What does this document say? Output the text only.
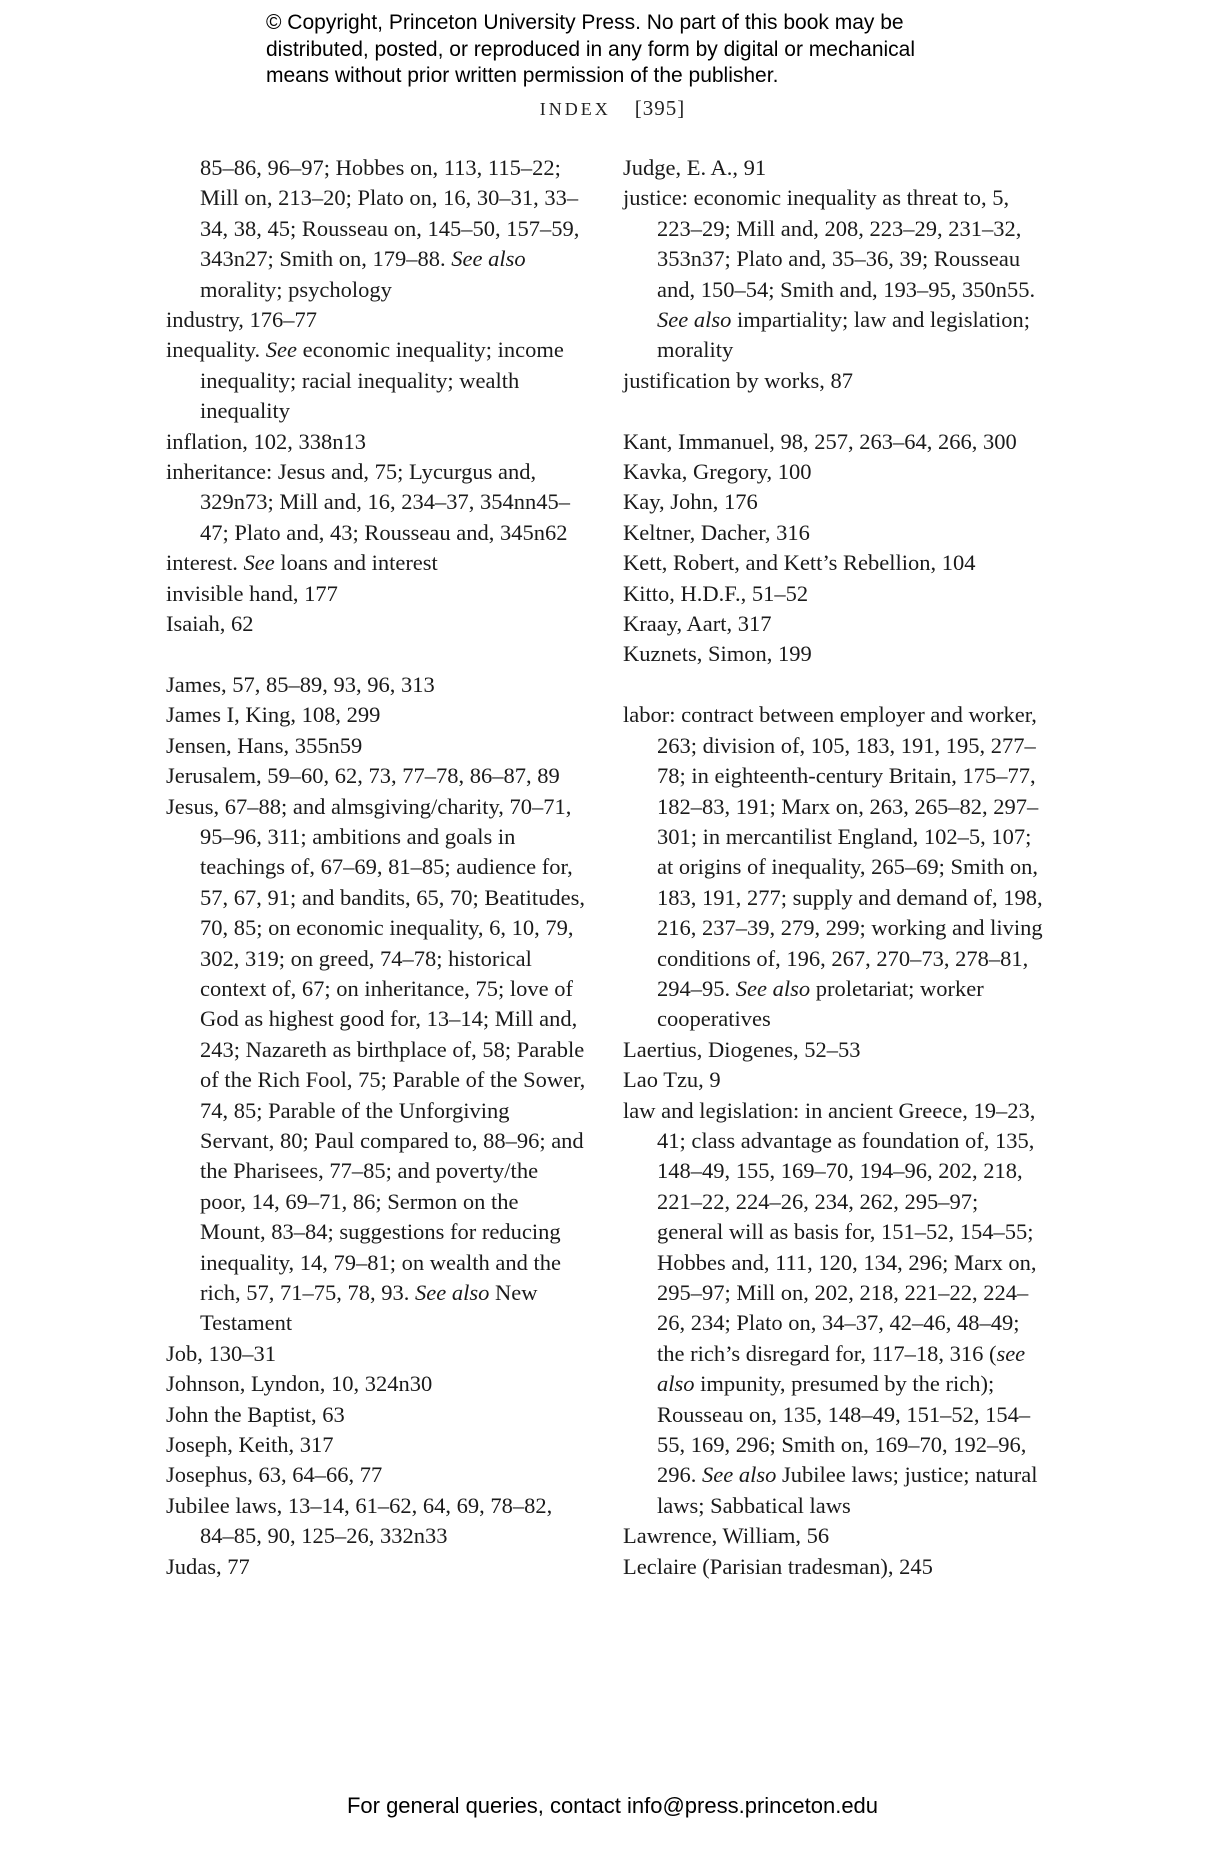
© Copyright, Princeton University Press. No part of this book may be
distributed, posted, or reproduced in any form by digital or mechanical
means without prior written permission of the publisher.
INDEX [395]

85–86, 96–97; Hobbes on, 113, 115–22; Mill on, 213–20; Plato on, 16, 30–31, 33–34, 38, 45; Rousseau on, 145–50, 157–59, 343n27; Smith on, 179–88. See also morality; psychology

industry, 176–77

inequality. See economic inequality; income inequality; racial inequality; wealth inequality

inflation, 102, 338n13

inheritance: Jesus and, 75; Lycurgus and, 329n73; Mill and, 16, 234–37, 354nn45–47; Plato and, 43; Rousseau and, 345n62

interest. See loans and interest

invisible hand, 177

Isaiah, 62

James, 57, 85–89, 93, 96, 313

James I, King, 108, 299

Jensen, Hans, 355n59

Jerusalem, 59–60, 62, 73, 77–78, 86–87, 89

Jesus, 67–88; and almsgiving/charity, 70–71, 95–96, 311; ambitions and goals in teachings of, 67–69, 81–85; audience for, 57, 67, 91; and bandits, 65, 70; Beatitudes, 70, 85; on economic inequality, 6, 10, 79, 302, 319; on greed, 74–78; historical context of, 67; on inheritance, 75; love of God as highest good for, 13–14; Mill and, 243; Nazareth as birthplace of, 58; Parable of the Rich Fool, 75; Parable of the Sower, 74, 85; Parable of the Unforgiving Servant, 80; Paul compared to, 88–96; and the Pharisees, 77–85; and poverty/the poor, 14, 69–71, 86; Sermon on the Mount, 83–84; suggestions for reducing inequality, 14, 79–81; on wealth and the rich, 57, 71–75, 78, 93. See also New Testament

Job, 130–31

Johnson, Lyndon, 10, 324n30

John the Baptist, 63

Joseph, Keith, 317

Josephus, 63, 64–66, 77

Jubilee laws, 13–14, 61–62, 64, 69, 78–82, 84–85, 90, 125–26, 332n33

Judas, 77

Judge, E. A., 91

justice: economic inequality as threat to, 5, 223–29; Mill and, 208, 223–29, 231–32, 353n37; Plato and, 35–36, 39; Rousseau and, 150–54; Smith and, 193–95, 350n55. See also impartiality; law and legislation; morality

justification by works, 87

Kant, Immanuel, 98, 257, 263–64, 266, 300

Kavka, Gregory, 100

Kay, John, 176

Keltner, Dacher, 316

Kett, Robert, and Kett’s Rebellion, 104

Kitto, H.D.F., 51–52

Kraay, Aart, 317

Kuznets, Simon, 199

labor: contract between employer and worker, 263; division of, 105, 183, 191, 195, 277–78; in eighteenth-century Britain, 175–77, 182–83, 191; Marx on, 263, 265–82, 297–301; in mercantilist England, 102–5, 107; at origins of inequality, 265–69; Smith on, 183, 191, 277; supply and demand of, 198, 216, 237–39, 279, 299; working and living conditions of, 196, 267, 270–73, 278–81, 294–95. See also proletariat; worker cooperatives

Laertius, Diogenes, 52–53

Lao Tzu, 9

law and legislation: in ancient Greece, 19–23, 41; class advantage as foundation of, 135, 148–49, 155, 169–70, 194–96, 202, 218, 221–22, 224–26, 234, 262, 295–97; general will as basis for, 151–52, 154–55; Hobbes and, 111, 120, 134, 296; Marx on, 295–97; Mill on, 202, 218, 221–22, 224–26, 234; Plato on, 34–37, 42–46, 48–49; the rich’s disregard for, 117–18, 316 (see also impunity, presumed by the rich); Rousseau on, 135, 148–49, 151–52, 154–55, 169, 296; Smith on, 169–70, 192–96, 296. See also Jubilee laws; justice; natural laws; Sabbatical laws

Lawrence, William, 56

Leclaire (Parisian tradesman), 245

For general queries, contact info@press.princeton.edu
